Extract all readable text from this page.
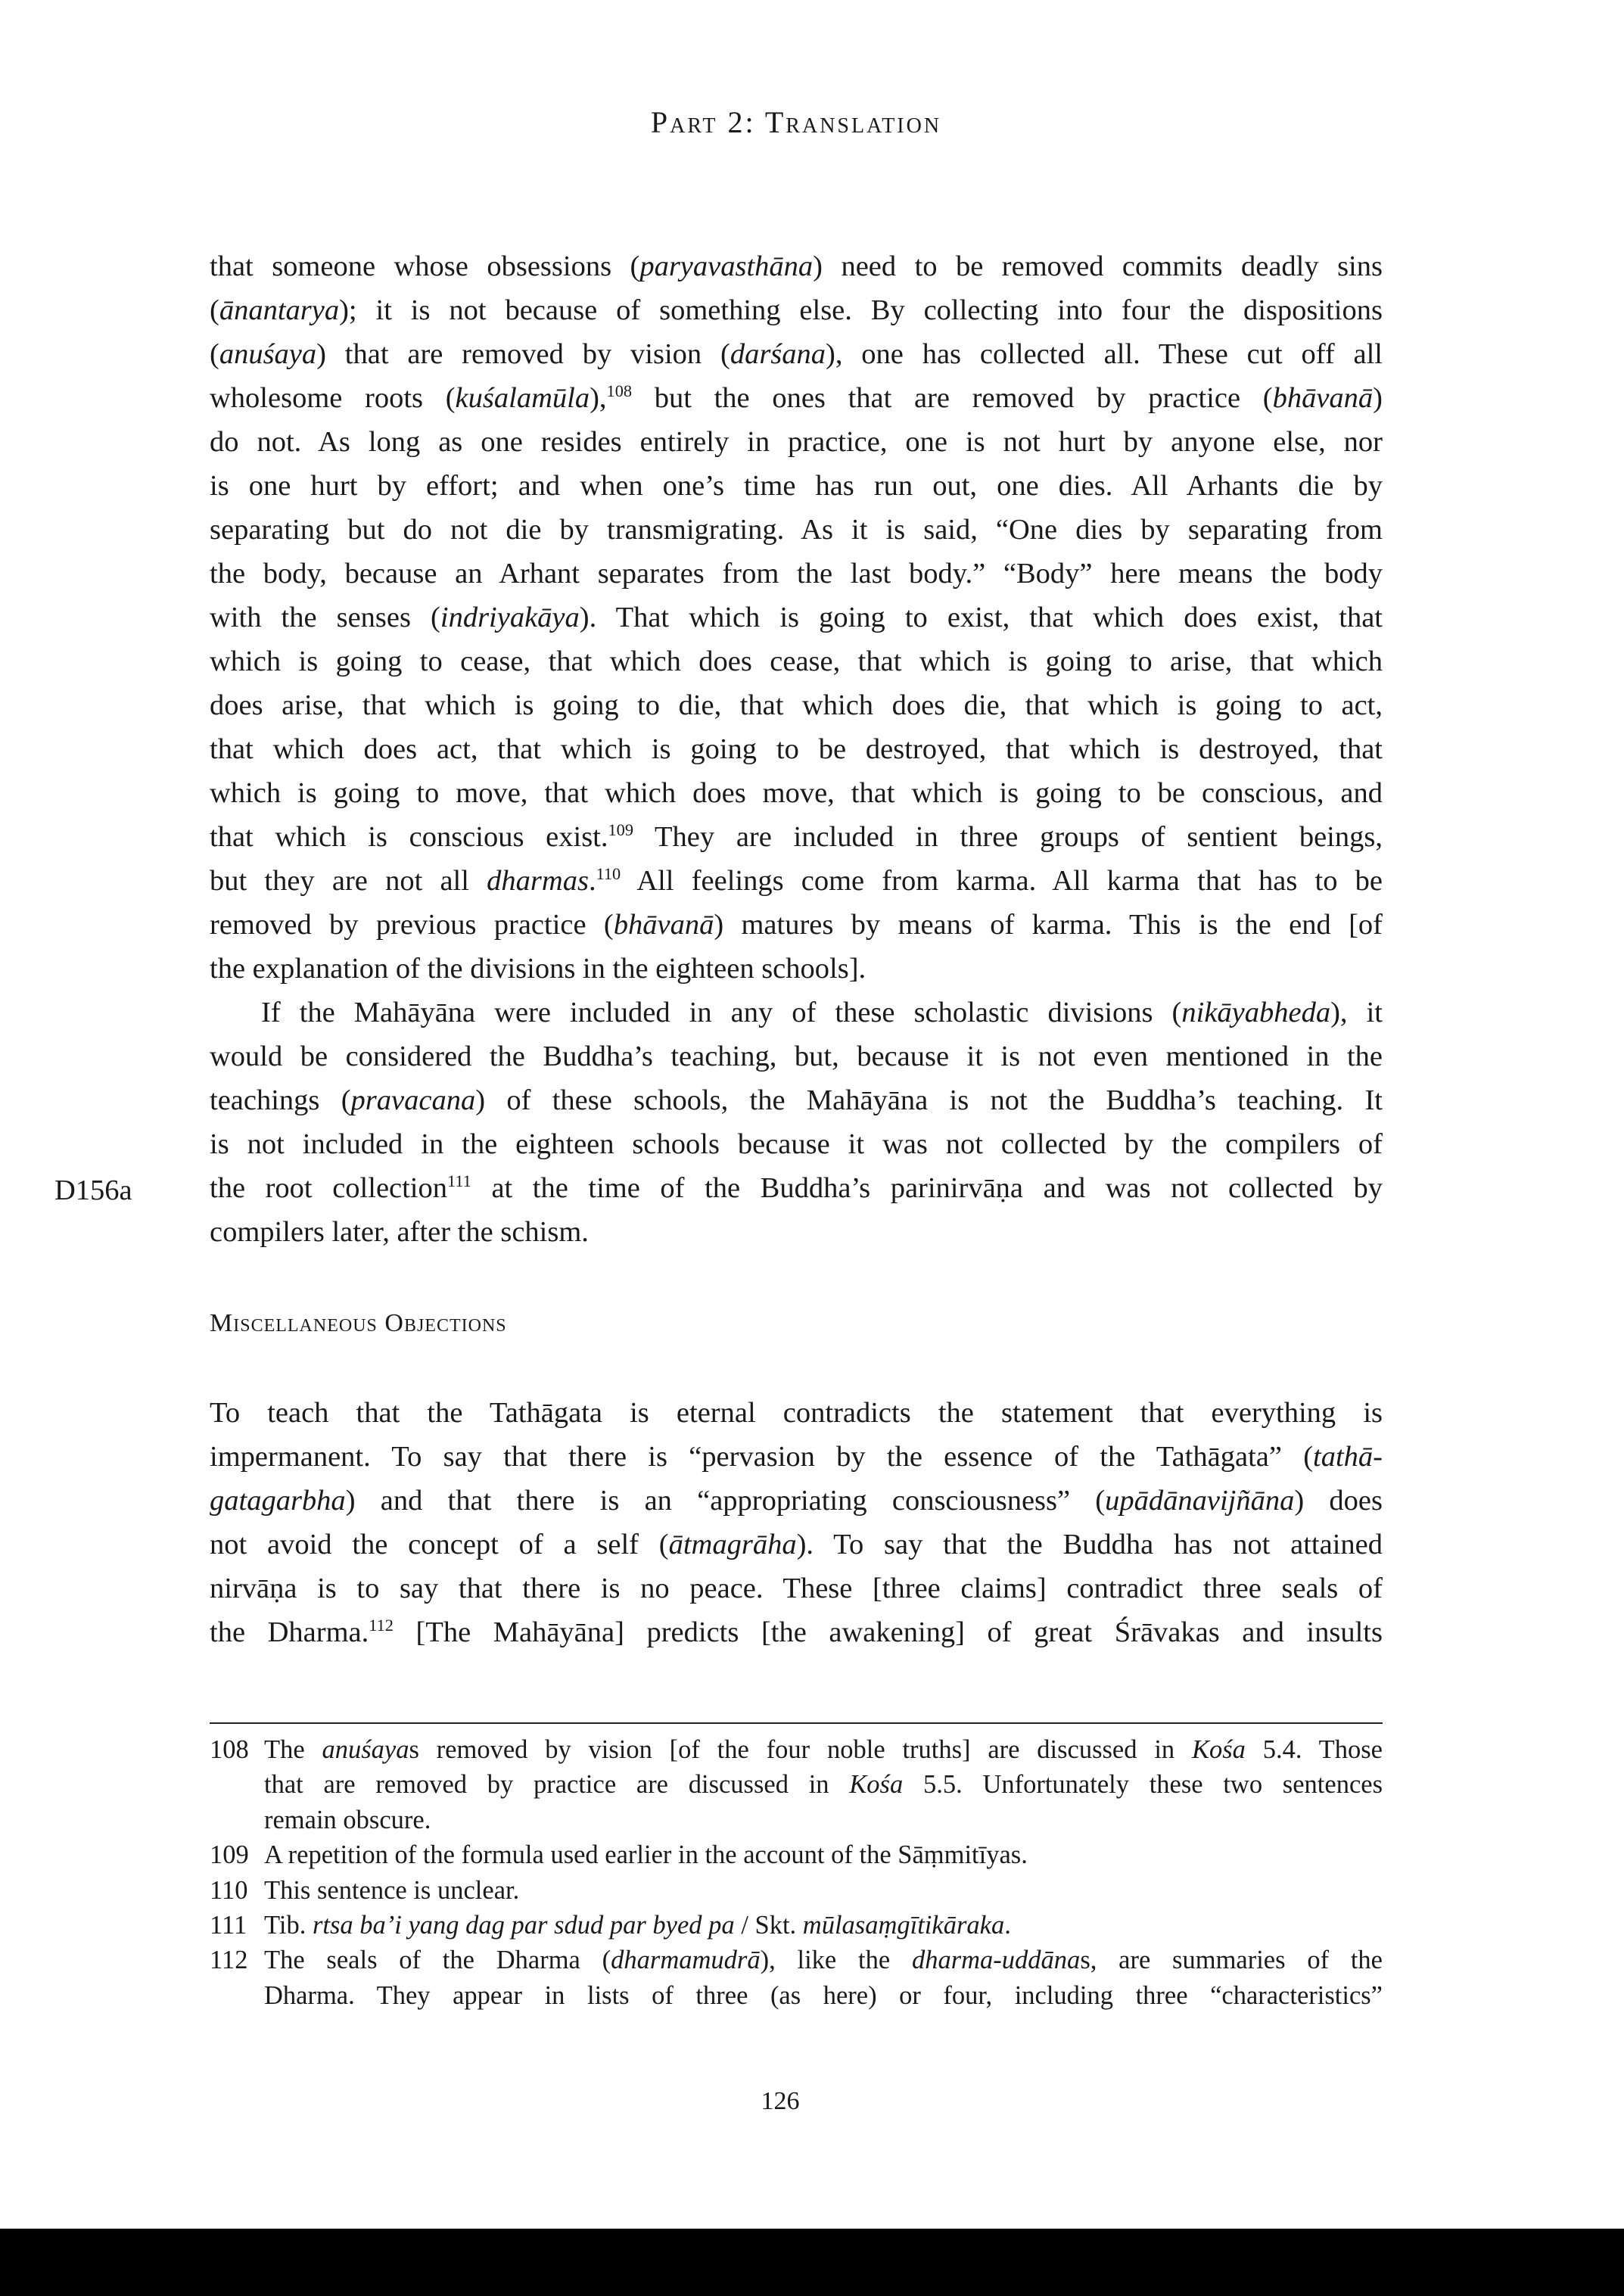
Part 2: Translation
that someone whose obsessions (paryavasthāna) need to be removed commits deadly sins
(ānantarya); it is not because of something else. By collecting into four the dispositions
(anuśaya) that are removed by vision (darśana), one has collected all. These cut off all
wholesome roots (kuśalamūla),$^{108}$ but the ones that are removed by practice (bhāvanā)
do not. As long as one resides entirely in practice, one is not hurt by anyone else, nor
is one hurt by effort; and when one’s time has run out, one dies. All Arhants die by
separating but do not die by transmigrating. As it is said, “One dies by separating from
the body, because an Arhant separates from the last body.” “Body” here means the body
with the senses (indriyakāya). That which is going to exist, that which does exist, that
which is going to cease, that which does cease, that which is going to arise, that which
does arise, that which is going to die, that which does die, that which is going to act,
that which does act, that which is going to be destroyed, that which is destroyed, that
which is going to move, that which does move, that which is going to be conscious, and
that which is conscious exist.$^{109}$ They are included in three groups of sentient beings,
but they are not all dharmas.$^{110}$ All feelings come from karma. All karma that has to be
removed by previous practice (bhāvanā) matures by means of karma. This is the end [of
the explanation of the divisions in the eighteen schools].
If the Mahāyāna were included in any of these scholastic divisions (nikāyabheda), it
would be considered the Buddha’s teaching, but, because it is not even mentioned in the
teachings (pravacana) of these schools, the Mahāyāna is not the Buddha’s teaching. It
is not included in the eighteen schools because it was not collected by the compilers of
the root collection$^{111}$ at the time of the Buddha’s parinirvāṇa and was not collected by
compilers later, after the schism.
D156a
Miscellaneous Objections
To teach that the Tathāgata is eternal contradicts the statement that everything is
impermanent. To say that there is “pervasion by the essence of the Tathāgata” (tathā-
gatagarbha) and that there is an “appropriating consciousness” (upādānavijñāna) does
not avoid the concept of a self (ātmagrāha). To say that the Buddha has not attained
nirvāṇa is to say that there is no peace. These [three claims] contradict three seals of
the Dharma.$^{112}$ [The Mahāyāna] predicts [the awakening] of great Śrāvakas and insults
108 The anuśayas removed by vision [of the four noble truths] are discussed in Kośa 5.4. Those
that are removed by practice are discussed in Kośa 5.5. Unfortunately these two sentences
remain obscure.
109 A repetition of the formula used earlier in the account of the Sāṃmitīyas.
110 This sentence is unclear.
111 Tib. rtsa ba’i yang dag par sdud par byed pa / Skt. mūlasaṃgītikāraka.
112 The seals of the Dharma (dharmamudrā), like the dharma-uddānas, are summaries of the
Dharma. They appear in lists of three (as here) or four, including three “characteristics”
126
